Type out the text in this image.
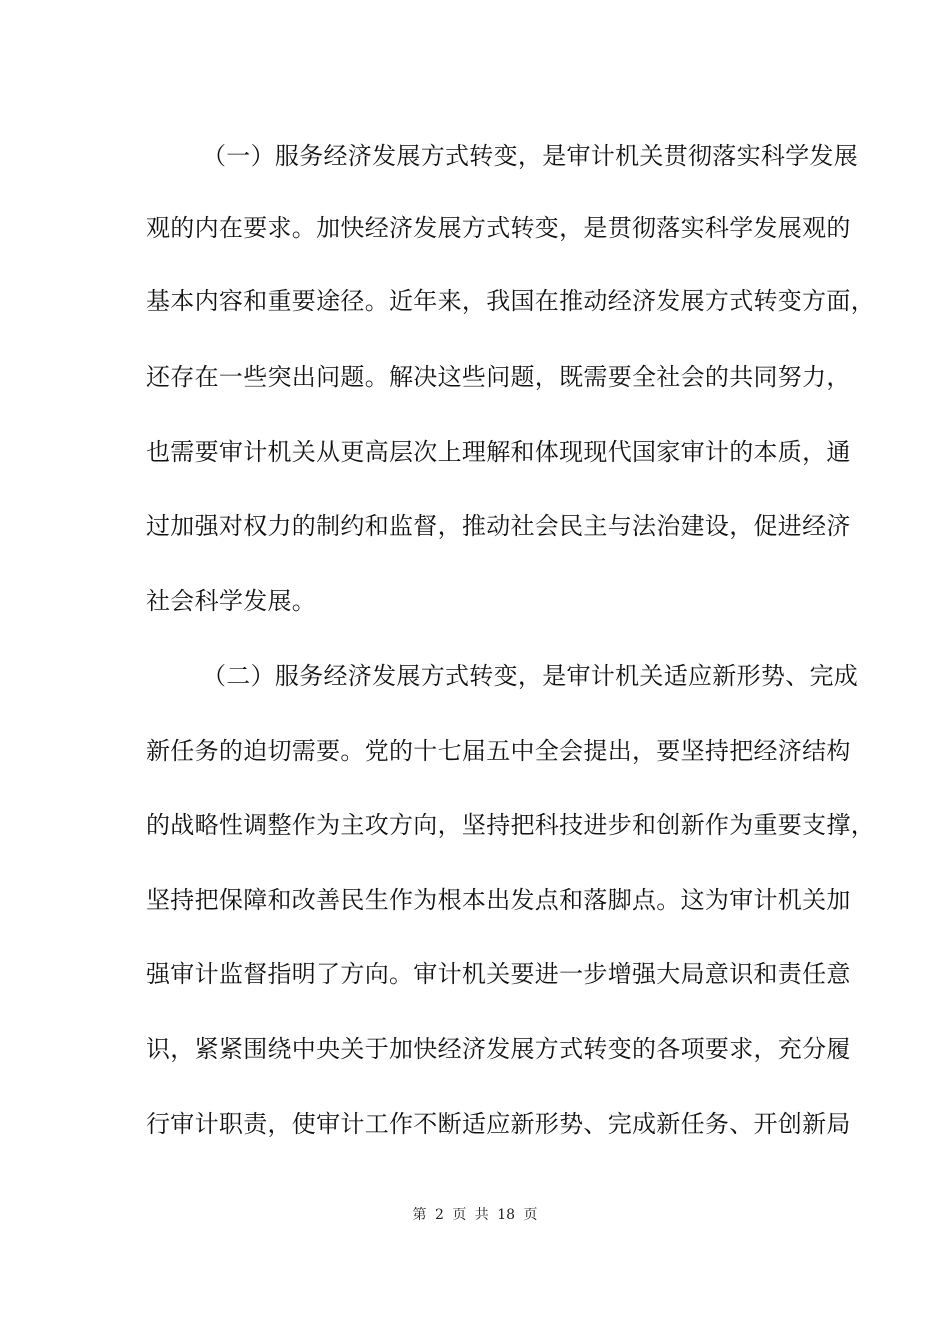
（一）服务经济发展方式转变，是审计机关贯彻落实科学发展
观的内在要求。加快经济发展方式转变，是贯彻落实科学发展观的
基本内容和重要途径。近年来，我国在推动经济发展方式转变方面，
还存在一些突出问题。解决这些问题，既需要全社会的共同努力，
也需要审计机关从更高层次上理解和体现现代国家审计的本质，通
过加强对权力的制约和监督，推动社会民主与法治建设，促进经济
社会科学发展。
（二）服务经济发展方式转变，是审计机关适应新形势、完成
新任务的迫切需要。党的十七届五中全会提出，要坚持把经济结构
的战略性调整作为主攻方向，坚持把科技进步和创新作为重要支撑，
坚持把保障和改善民生作为根本出发点和落脚点。这为审计机关加
强审计监督指明了方向。审计机关要进一步增强大局意识和责任意
识，紧紧围绕中央关于加快经济发展方式转变的各项要求，充分履
行审计职责，使审计工作不断适应新形势、完成新任务、开创新局
第 2 页 共 18 页
